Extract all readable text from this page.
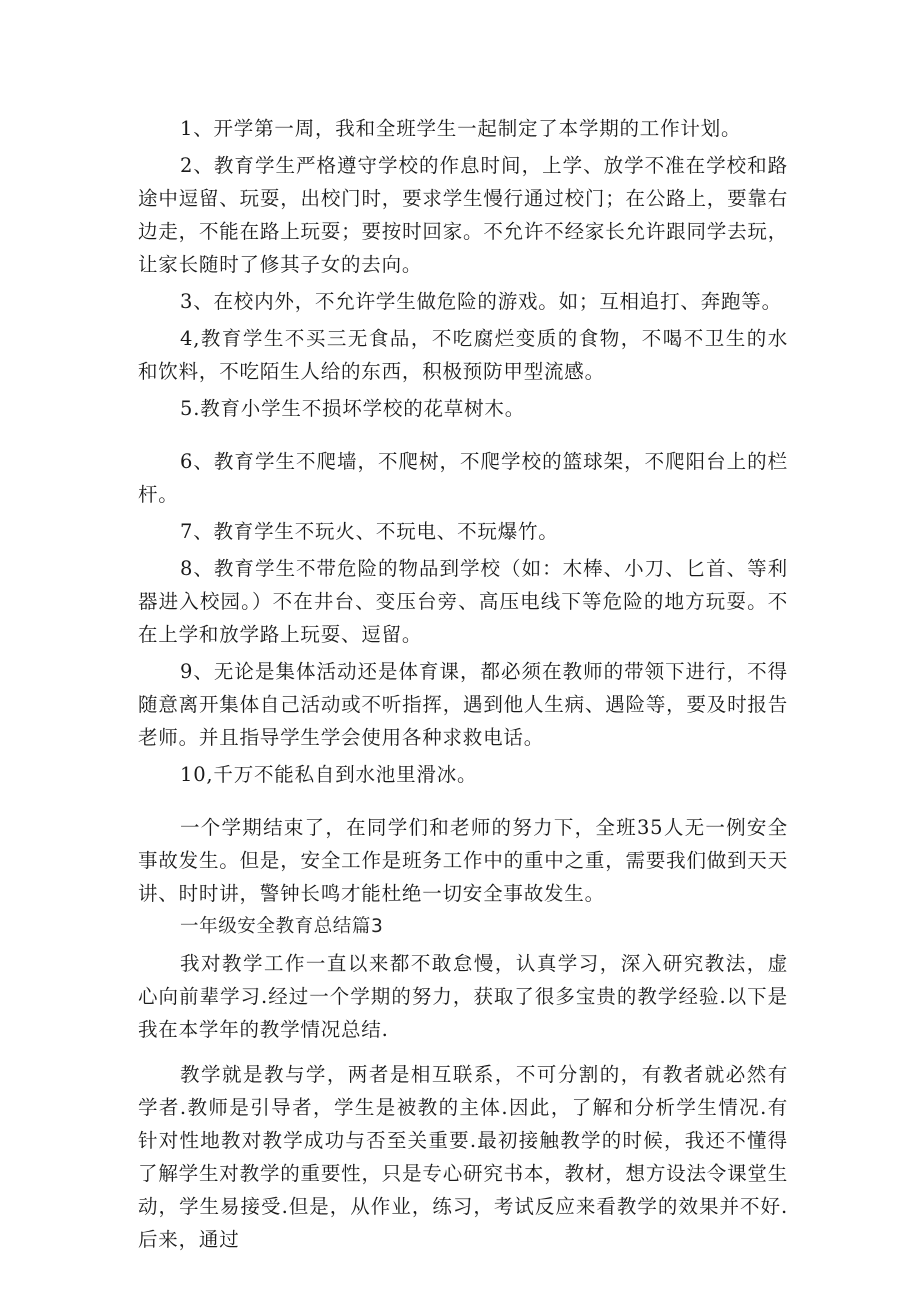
1、开学第一周，我和全班学生一起制定了本学期的工作计划。

2、教育学生严格遵守学校的作息时间，上学、放学不准在学校和路途中逗留、玩耍，出校门时，要求学生慢行通过校门；在公路上，要靠右边走，不能在路上玩耍；要按时回家。不允许不经家长允许跟同学去玩，让家长随时了修其子女的去向。

3、在校内外，不允许学生做危险的游戏。如；互相追打、奔跑等。

4,教育学生不买三无食品，不吃腐烂变质的食物，不喝不卫生的水和饮料，不吃陌生人给的东西，积极预防甲型流感。

5.教育小学生不损坏学校的花草树木。

6、教育学生不爬墙，不爬树，不爬学校的篮球架，不爬阳台上的栏杆。

7、教育学生不玩火、不玩电、不玩爆竹。

8、教育学生不带危险的物品到学校（如：木棒、小刀、匕首、等利器进入校园。）不在井台、变压台旁、高压电线下等危险的地方玩耍。不在上学和放学路上玩耍、逗留。

9、无论是集体活动还是体育课，都必须在教师的带领下进行，不得随意离开集体自己活动或不听指挥，遇到他人生病、遇险等，要及时报告老师。并且指导学生学会使用各种求救电话。

10,千万不能私自到水池里滑冰。

一个学期结束了，在同学们和老师的努力下，全班35人无一例安全事故发生。但是，安全工作是班务工作中的重中之重，需要我们做到天天讲、时时讲，警钟长鸣才能杜绝一切安全事故发生。

一年级安全教育总结篇3

我对教学工作一直以来都不敢怠慢，认真学习，深入研究教法，虚心向前辈学习.经过一个学期的努力，获取了很多宝贵的教学经验.以下是我在本学年的教学情况总结.

教学就是教与学，两者是相互联系，不可分割的，有教者就必然有学者.教师是引导者，学生是被教的主体.因此，了解和分析学生情况.有针对性地教对教学成功与否至关重要.最初接触教学的时候，我还不懂得了解学生对教学的重要性，只是专心研究书本，教材，想方设法令课堂生动，学生易接受.但是，从作业，练习，考试反应来看教学的效果并不好.后来，通过
